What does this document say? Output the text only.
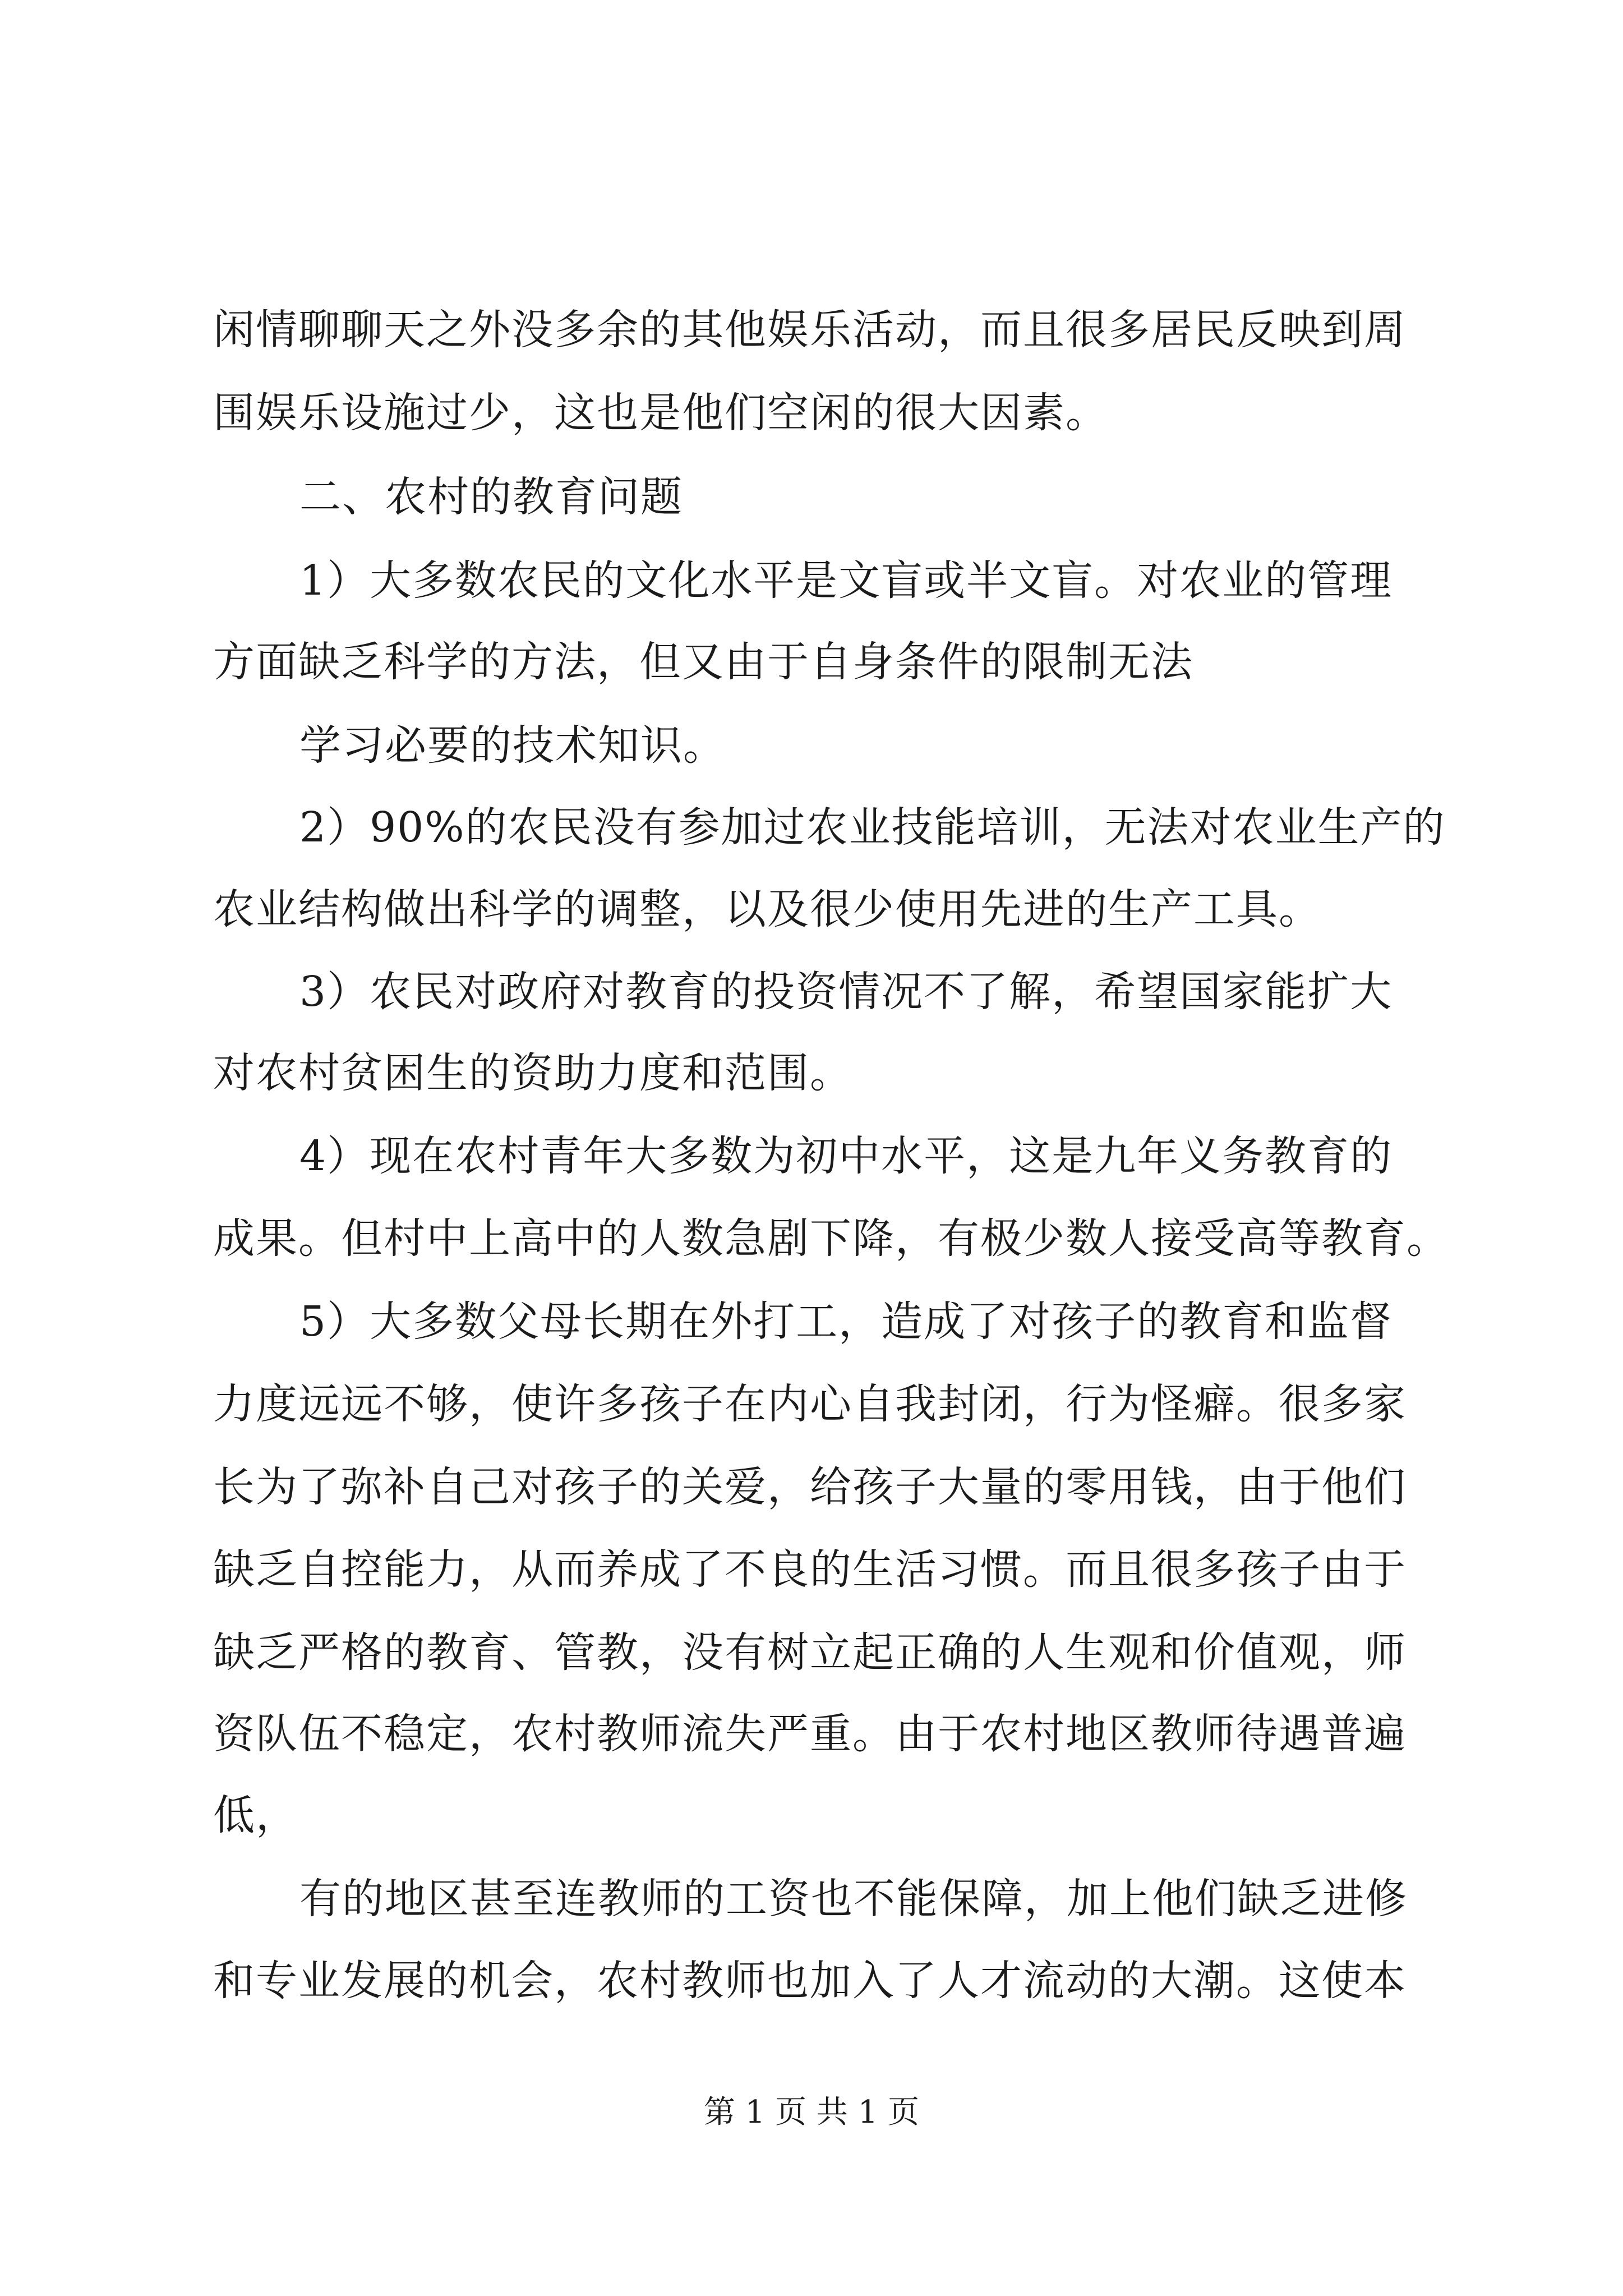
闲情聊聊天之外没多余的其他娱乐活动，而且很多居民反映到周
围娱乐设施过少，这也是他们空闲的很大因素。
二、农村的教育问题
1）大多数农民的文化水平是文盲或半文盲。对农业的管理
方面缺乏科学的方法，但又由于自身条件的限制无法
学习必要的技术知识。
2）90%的农民没有参加过农业技能培训，无法对农业生产的
农业结构做出科学的调整，以及很少使用先进的生产工具。
3）农民对政府对教育的投资情况不了解，希望国家能扩大
对农村贫困生的资助力度和范围。
4）现在农村青年大多数为初中水平，这是九年义务教育的
成果。但村中上高中的人数急剧下降，有极少数人接受高等教育。
5）大多数父母长期在外打工，造成了对孩子的教育和监督
力度远远不够，使许多孩子在内心自我封闭，行为怪癖。很多家
长为了弥补自己对孩子的关爱，给孩子大量的零用钱，由于他们
缺乏自控能力，从而养成了不良的生活习惯。而且很多孩子由于
缺乏严格的教育、管教，没有树立起正确的人生观和价值观，师
资队伍不稳定，农村教师流失严重。由于农村地区教师待遇普遍
低，
有的地区甚至连教师的工资也不能保障，加上他们缺乏进修
和专业发展的机会，农村教师也加入了人才流动的大潮。这使本
第 1 页 共 1 页
